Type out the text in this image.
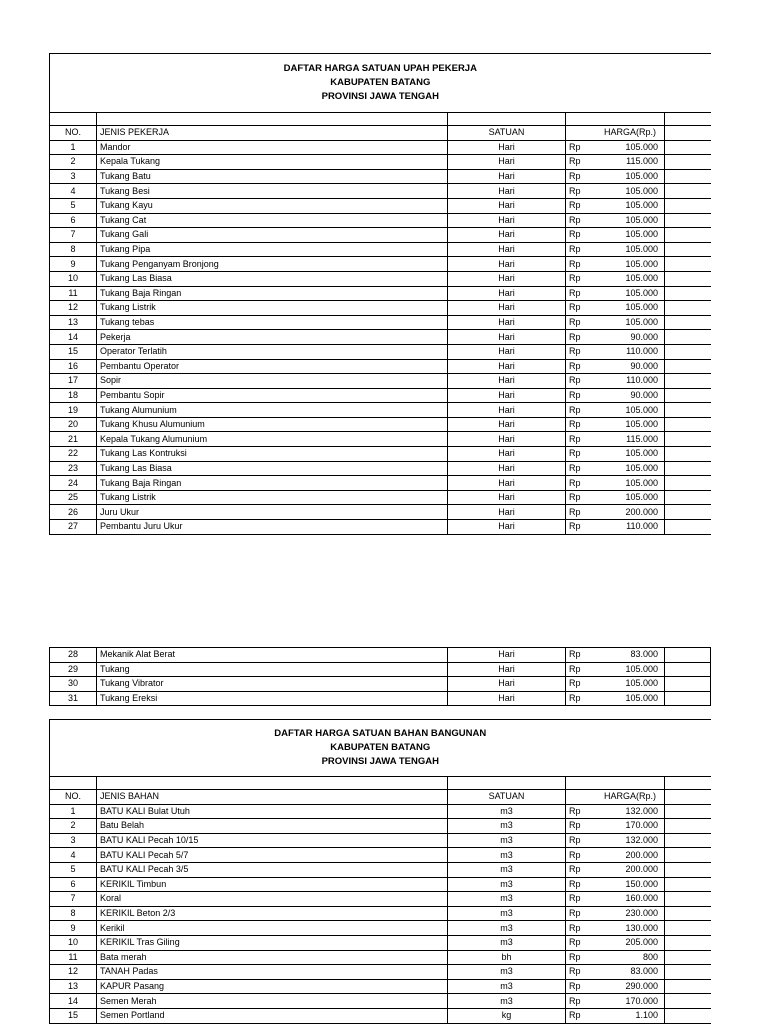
DAFTAR HARGA SATUAN UPAH PEKERJA
KABUPATEN BATANG
PROVINSI JAWA TENGAH					

NO.	JENIS PEKERJA	SATUAN	HARGA(Rp.)		
1	Mandor	Hari	Rp	105.000	
2	Kepala Tukang	Hari	Rp	115.000	
3	Tukang Batu	Hari	Rp	105.000	
4	Tukang Besi	Hari	Rp	105.000	
5	Tukang Kayu	Hari	Rp	105.000	
6	Tukang Cat	Hari	Rp	105.000	
7	Tukang Gali	Hari	Rp	105.000	
8	Tukang Pipa	Hari	Rp	105.000	
9	Tukang Penganyam Bronjong	Hari	Rp	105.000	
10	Tukang Las Biasa	Hari	Rp	105.000	
11	Tukang Baja Ringan	Hari	Rp	105.000	
12	Tukang Listrik	Hari	Rp	105.000	
13	Tukang tebas	Hari	Rp	105.000	
14	Pekerja	Hari	Rp	90.000	
15	Operator Terlatih	Hari	Rp	110.000	
16	Pembantu Operator	Hari	Rp	90.000	
17	Sopir	Hari	Rp	110.000	
18	Pembantu Sopir	Hari	Rp	90.000	
19	Tukang Alumunium	Hari	Rp	105.000	
20	Tukang Khusu Alumunium	Hari	Rp	105.000	
21	Kepala Tukang Alumunium	Hari	Rp	115.000	
22	Tukang Las Kontruksi	Hari	Rp	105.000	
23	Tukang Las Biasa	Hari	Rp	105.000	
24	Tukang Baja Ringan	Hari	Rp	105.000	
25	Tukang Listrik	Hari	Rp	105.000	
26	Juru Ukur	Hari	Rp	200.000	
27	Pembantu Juru Ukur	Hari	Rp	110.000	
28	Mekanik Alat Berat	Hari	Rp	83.000	
29	Tukang	Hari	Rp	105.000	
30	Tukang Vibrator	Hari	Rp	105.000	
31	Tukang Ereksi	Hari	Rp	105.000	
DAFTAR HARGA SATUAN BAHAN BANGUNAN
KABUPATEN BATANG
PROVINSI JAWA TENGAH					

NO.	JENIS BAHAN	SATUAN	HARGA(Rp.)		
1	BATU KALI Bulat Utuh	m3	Rp	132.000	
2	Batu Belah	m3	Rp	170.000	
3	BATU KALI Pecah 10/15	m3	Rp	132.000	
4	BATU KALI Pecah 5/7	m3	Rp	200.000	
5	BATU KALI Pecah 3/5	m3	Rp	200.000	
6	KERIKIL Timbun	m3	Rp	150.000	
7	Koral	m3	Rp	160.000	
8	KERIKIL Beton 2/3	m3	Rp	230.000	
9	Kerikil	m3	Rp	130.000	
10	KERIKIL Tras Giling	m3	Rp	205.000	
11	Bata merah	bh	Rp	800	
12	TANAH Padas	m3	Rp	83.000	
13	KAPUR Pasang	m3	Rp	290.000	
14	Semen Merah	m3	Rp	170.000	
15	Semen Portland	kg	Rp	1.100	
